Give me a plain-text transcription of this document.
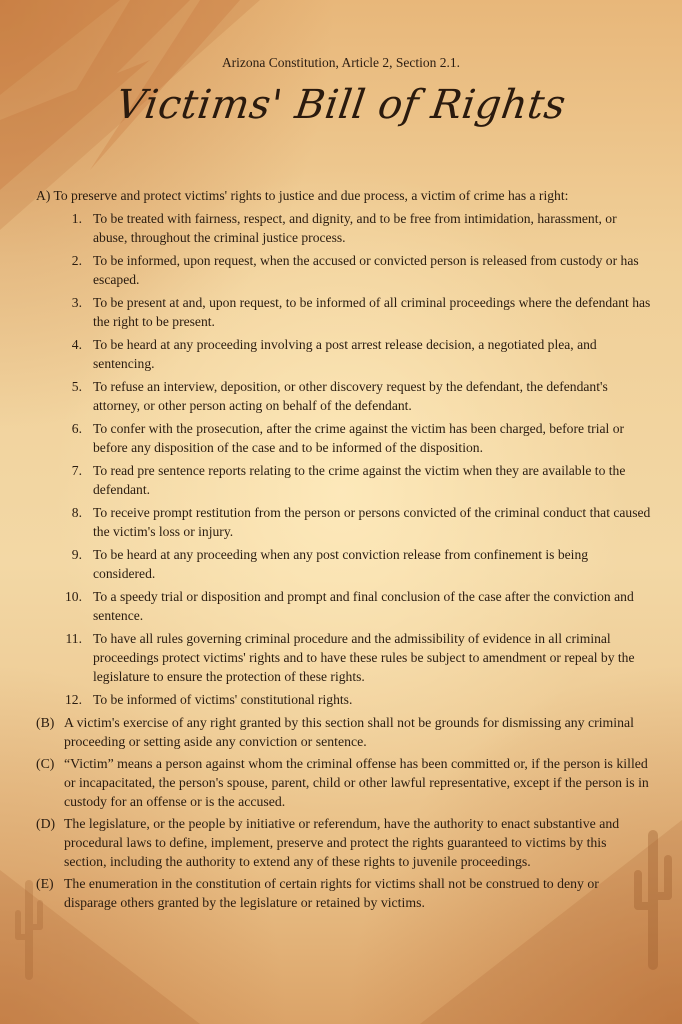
Arizona Constitution, Article 2, Section 2.1.
Victims' Bill of Rights

A) To preserve and protect victims' rights to justice and due process, a victim of crime has a right:

1. To be treated with fairness, respect, and dignity, and to be free from intimidation, harassment, or abuse, throughout the criminal justice process.
2. To be informed, upon request, when the accused or convicted person is released from custody or has escaped.
3. To be present at and, upon request, to be informed of all criminal proceedings where the defendant has the right to be present.
4. To be heard at any proceeding involving a post arrest release decision, a negotiated plea, and sentencing.
5. To refuse an interview, deposition, or other discovery request by the defendant, the defendant's attorney, or other person acting on behalf of the defendant.
6. To confer with the prosecution, after the crime against the victim has been charged, before trial or before any disposition of the case and to be informed of the disposition.
7. To read pre sentence reports relating to the crime against the victim when they are available to the defendant.
8. To receive prompt restitution from the person or persons convicted of the criminal conduct that caused the victim's loss or injury.
9. To be heard at any proceeding when any post conviction release from confinement is being considered.
10. To a speedy trial or disposition and prompt and final conclusion of the case after the conviction and sentence.
11. To have all rules governing criminal procedure and the admissibility of evidence in all criminal proceedings protect victims' rights and to have these rules be subject to amendment or repeal by the legislature to ensure the protection of these rights.
12. To be informed of victims' constitutional rights.
(B) A victim's exercise of any right granted by this section shall not be grounds for dismissing any criminal proceeding or setting aside any conviction or sentence.
(C) “Victim” means a person against whom the criminal offense has been committed or, if the person is killed or incapacitated, the person's spouse, parent, child or other lawful representative, except if the person is in custody for an offense or is the accused.
(D) The legislature, or the people by initiative or referendum, have the authority to enact substantive and procedural laws to define, implement, preserve and protect the rights guaranteed to victims by this section, including the authority to extend any of these rights to juvenile proceedings.
(E) The enumeration in the constitution of certain rights for victims shall not be construed to deny or disparage others granted by the legislature or retained by victims.
